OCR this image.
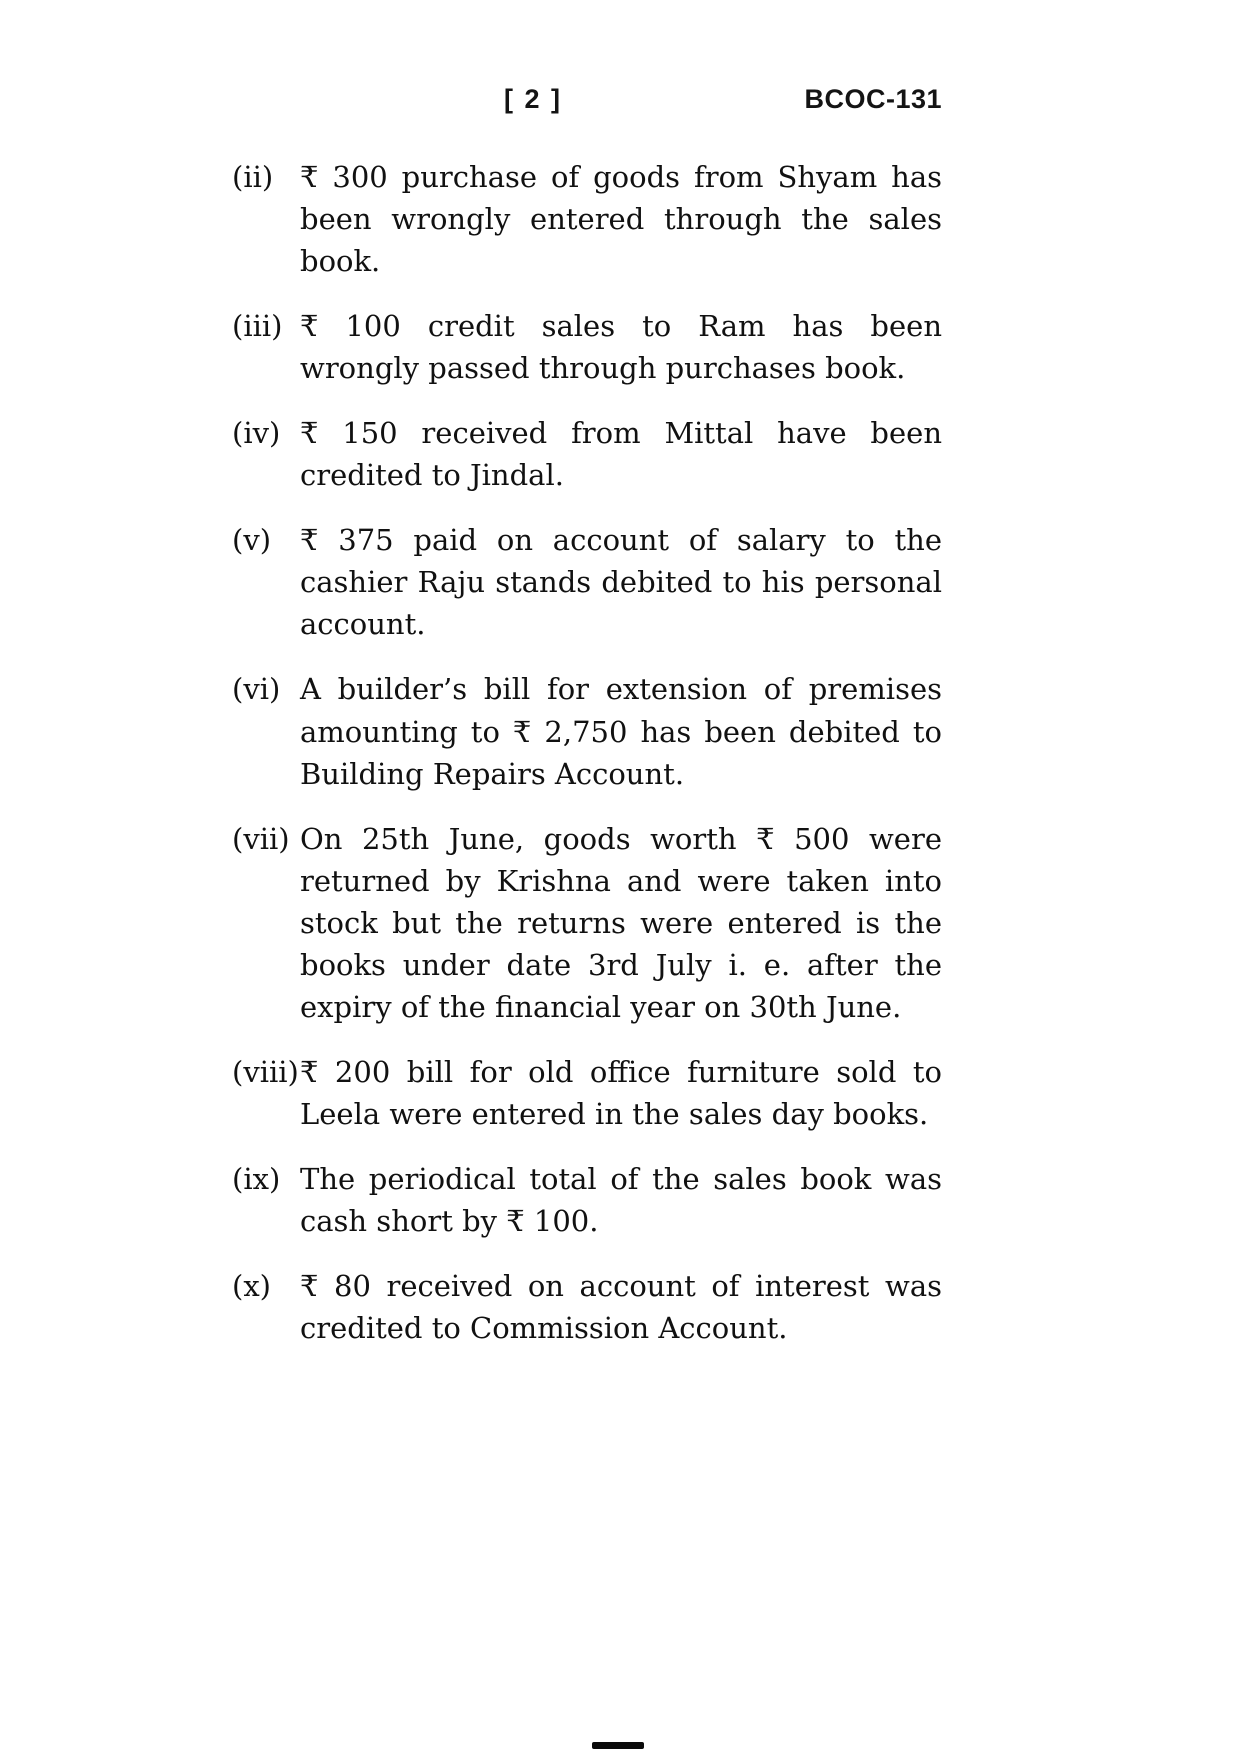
[ 2 ]	BCOC-131
(ii) ₹ 300 purchase of goods from Shyam has been wrongly entered through the sales book.
(iii) ₹ 100 credit sales to Ram has been wrongly passed through purchases book.
(iv) ₹ 150 received from Mittal have been credited to Jindal.
(v) ₹ 375 paid on account of salary to the cashier Raju stands debited to his personal account.
(vi) A builder’s bill for extension of premises amounting to ₹ 2,750 has been debited to Building Repairs Account.
(vii) On 25th June, goods worth ₹ 500 were returned by Krishna and were taken into stock but the returns were entered is the books under date 3rd July i. e. after the expiry of the financial year on 30th June.
(viii)₹ 200 bill for old office furniture sold to Leela were entered in the sales day books.
(ix) The periodical total of the sales book was cash short by ₹ 100.
(x) ₹ 80 received on account of interest was credited to Commission Account.
